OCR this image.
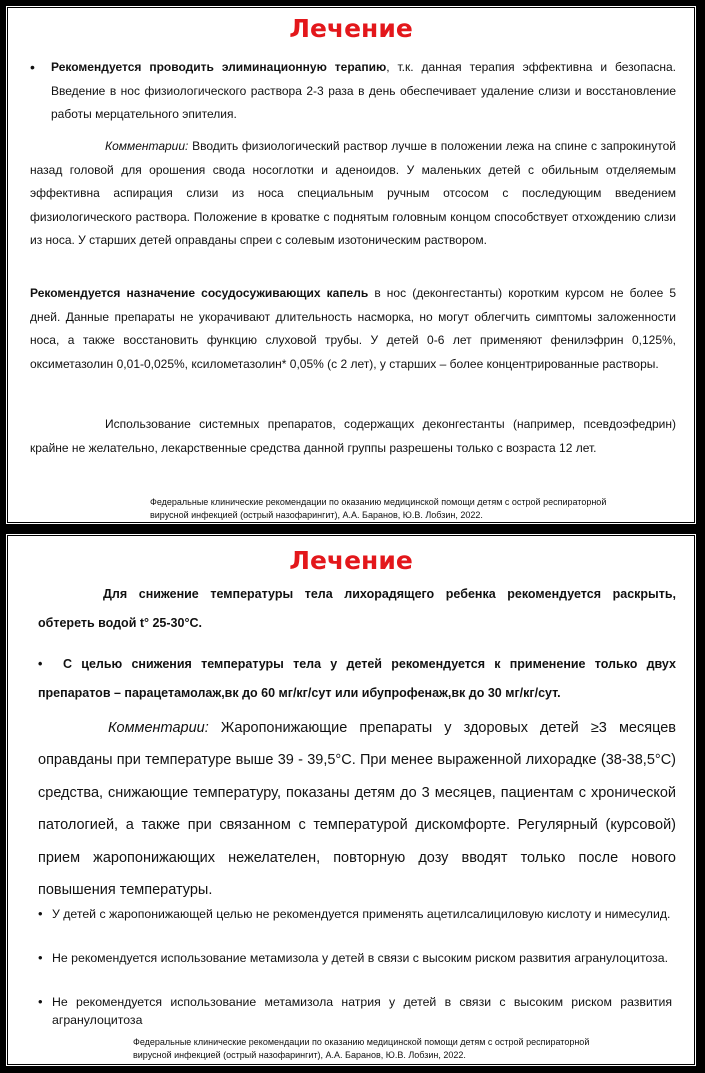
Лечение

• Рекомендуется проводить элиминационную терапию, т.к. данная терапия эффективна и безопасна. Введение в нос физиологического раствора 2-3 раза в день обеспечивает удаление слизи и восстановление работы мерцательного эпителия.

Комментарии: Вводить физиологический раствор лучше в положении лежа на спине с запрокинутой назад головой для орошения свода носоглотки и аденоидов. У маленьких детей с обильным отделяемым эффективна аспирация слизи из носа специальным ручным отсосом с последующим введением физиологического раствора. Положение в кроватке с поднятым головным концом способствует отхождению слизи из носа. У старших детей оправданы спреи с солевым изотоническим раствором.

Рекомендуется назначение сосудосуживающих капель в нос (деконгестанты) коротким курсом не более 5 дней. Данные препараты не укорачивают длительность насморка, но могут облегчить симптомы заложенности носа, а также восстановить функцию слуховой трубы. У детей 0-6 лет применяют фенилэфрин 0,125%, оксиметазолин 0,01-0,025%, ксилометазолин* 0,05% (с 2 лет), у старших – более концентрированные растворы.

Использование системных препаратов, содержащих деконгестанты (например, псевдоэфедрин) крайне не желательно, лекарственные средства данной группы разрешены только с возраста 12 лет.

Федеральные клинические рекомендации по оказанию медицинской помощи детям с острой респираторной
вирусной инфекцией (острый назофарингит), А.А. Баранов, Ю.В. Лобзин, 2022.
Лечение

Для снижение температуры тела лихорадящего ребенка рекомендуется раскрыть, обтереть водой t° 25-30°C.

• С целью снижения температуры тела у детей рекомендуется к применение только двух препаратов – парацетамолаж,вк до 60 мг/кг/сут или ибупрофенаж,вк до 30 мг/кг/сут.

Комментарии: Жаропонижающие препараты у здоровых детей ≥3 месяцев оправданы при температуре выше 39 - 39,5°C. При менее выраженной лихорадке (38-38,5°C) средства, снижающие температуру, показаны детям до 3 месяцев, пациентам с хронической патологией, а также при связанном с температурой дискомфорте. Регулярный (курсовой) прием жаропонижающих нежелателен, повторную дозу вводят только после нового повышения температуры.

• У детей с жаропонижающей целью не рекомендуется применять ацетилсалициловую кислоту и нимесулид.

• Не рекомендуется использование метамизола у детей в связи с высоким риском развития агранулоцитоза.

• Не рекомендуется использование метамизола натрия у детей в связи с высоким риском развития агранулоцитоза

Федеральные клинические рекомендации по оказанию медицинской помощи детям с острой респираторной
вирусной инфекцией (острый назофарингит), А.А. Баранов, Ю.В. Лобзин, 2022.
